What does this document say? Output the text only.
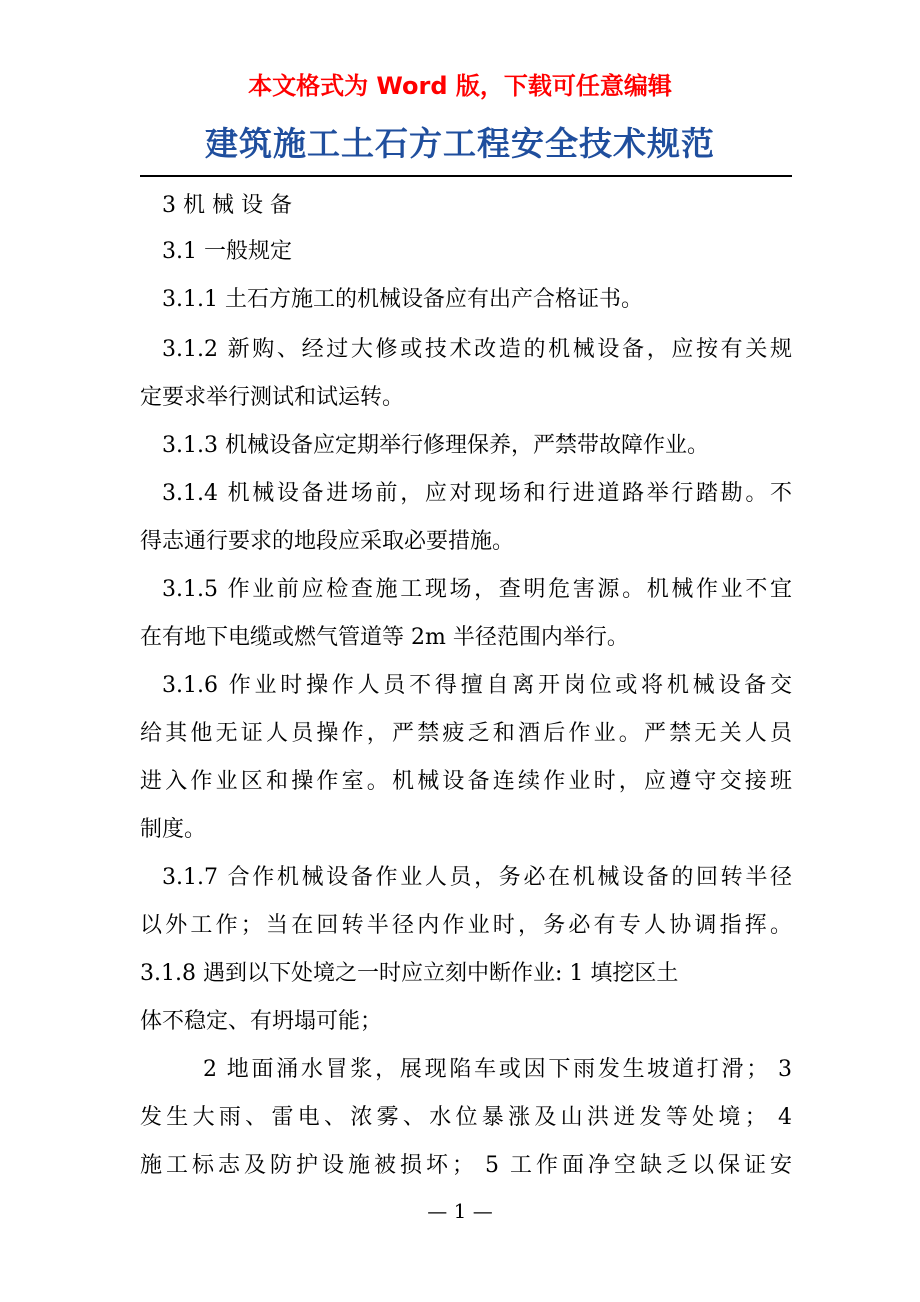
本文格式为 Word 版，下载可任意编辑
建筑施工土石方工程安全技术规范
3 机 械 设 备
3.1 一般规定
3.1.1 土石方施工的机械设备应有出产合格证书。
3.1.2 新购、经过大修或技术改造的机械设备，应按有关规
定要求举行测试和试运转。
3.1.3 机械设备应定期举行修理保养，严禁带故障作业。
3.1.4 机械设备进场前，应对现场和行进道路举行踏勘。不
得志通行要求的地段应采取必要措施。
3.1.5 作业前应检查施工现场，查明危害源。机械作业不宜
在有地下电缆或燃气管道等 2m 半径范围内举行。
3.1.6 作业时操作人员不得擅自离开岗位或将机械设备交
给其他无证人员操作，严禁疲乏和酒后作业。严禁无关人员
进入作业区和操作室。机械设备连续作业时，应遵守交接班
制度。
3.1.7 合作机械设备作业人员，务必在机械设备的回转半径
以外工作；当在回转半径内作业时，务必有专人协调指挥。
3.1.8 遇到以下处境之一时应立刻中断作业: 1 填挖区土
体不稳定、有坍塌可能；
2 地面涌水冒浆，展现陷车或因下雨发生坡道打滑； 3
发生大雨、雷电、浓雾、水位暴涨及山洪迸发等处境； 4
施工标志及防护设施被损坏； 5 工作面净空缺乏以保证安
— 1 —
